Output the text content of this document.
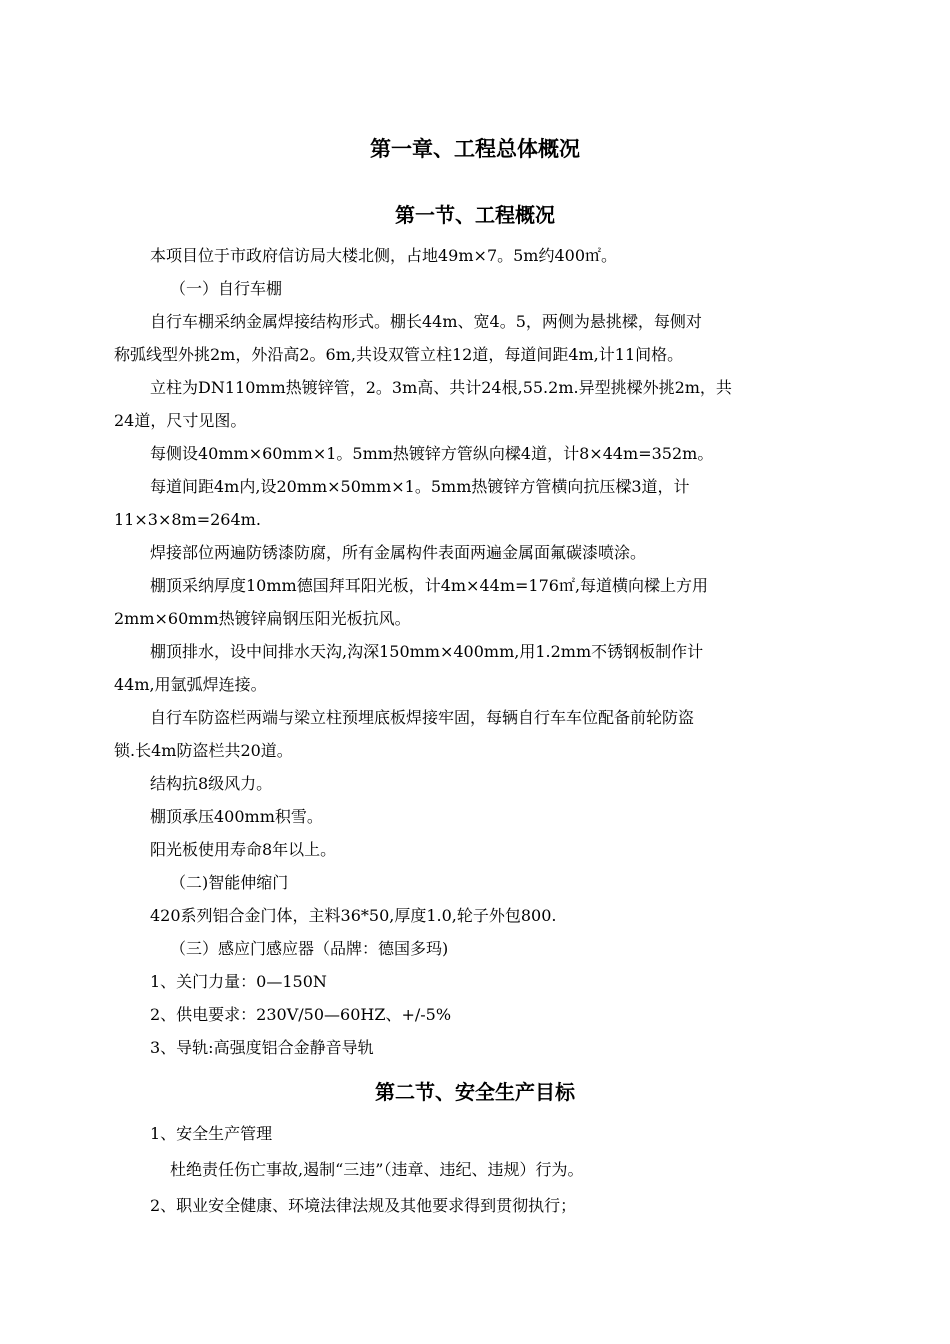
第一章、工程总体概况
第一节、工程概况
本项目位于市政府信访局大楼北侧，占地49m×7。5m约400㎡。
（一）自行车棚
自行车棚采纳金属焊接结构形式。棚长44m、宽4。5，两侧为悬挑樑，每侧对
称弧线型外挑2m，外沿高2。6m,共设双管立柱12道，每道间距4m,计11间格。
立柱为DN110mm热镀锌管，2。3m高、共计24根,55.2m.异型挑樑外挑2m，共
24道，尺寸见图。
每侧设40mm×60mm×1。5mm热镀锌方管纵向樑4道，计8×44m=352m。
每道间距4m内,设20mm×50mm×1。5mm热镀锌方管横向抗压樑3道，计
11×3×8m=264m.
焊接部位两遍防锈漆防腐，所有金属构件表面两遍金属面氟碳漆喷涂。
棚顶采纳厚度10mm德国拜耳阳光板，计4m×44m=176㎡,每道横向樑上方用
2mm×60mm热镀锌扁钢压阳光板抗风。
棚顶排水，设中间排水天沟,沟深150mm×400mm,用1.2mm不锈钢板制作计
44m,用氩弧焊连接。
自行车防盗栏两端与梁立柱预埋底板焊接牢固，每辆自行车车位配备前轮防盗
锁.长4m防盗栏共20道。
结构抗8级风力。
棚顶承压400mm积雪。
阳光板使用寿命8年以上。
（二)智能伸缩门
420系列铝合金门体，主料36*50,厚度1.0,轮子外包800.
（三）感应门感应器（品牌：德国多玛)
1、关门力量：0—150N
2、供电要求：230V/50—60HZ、+/-5%
3、导轨:高强度铝合金静音导轨
第二节、安全生产目标
1、安全生产管理
杜绝责任伤亡事故,遏制“三违”（违章、违纪、违规）行为。
2、职业安全健康、环境法律法规及其他要求得到贯彻执行；
